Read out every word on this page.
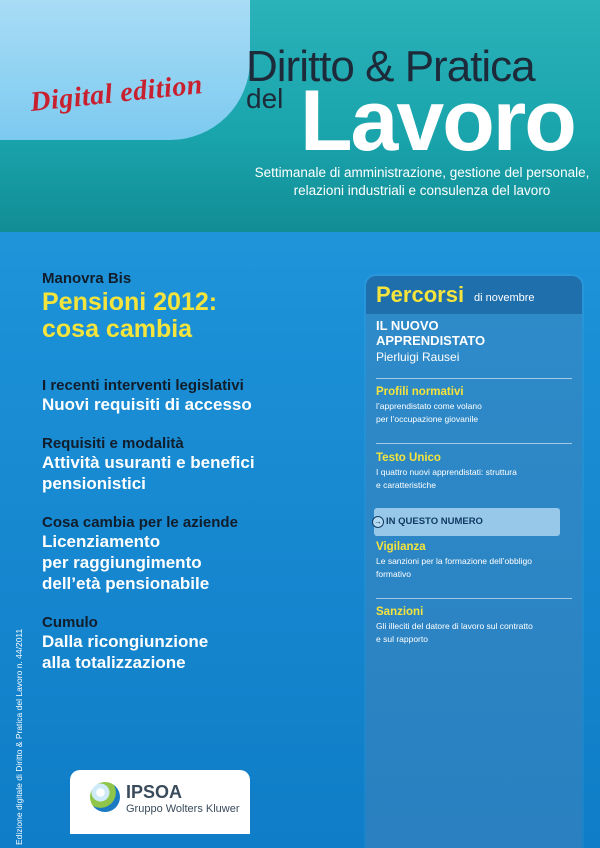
Digital edition
Diritto & Pratica
del Lavoro
Settimanale di amministrazione, gestione del personale,
relazioni industriali e consulenza del lavoro
Manovra Bis
Pensioni 2012:
cosa cambia
I recenti interventi legislativi
Nuovi requisiti di accesso
Requisiti e modalità
Attività usuranti e benefici
pensionistici
Cosa cambia per le aziende
Licenziamento
per raggiungimento
dell’età pensionabile
Cumulo
Dalla ricongiunzione
alla totalizzazione
Edizione digitale di Diritto & Pratica del Lavoro n. 44/2011
Percorsi di novembre
IL NUOVO
APPRENDISTATO
Pierluigi Rausei
Profili normativi
l’apprendistato come volano
per l’occupazione giovanile
Testo Unico
I quattro nuovi apprendistati: struttura
e caratteristiche
→ IN QUESTO NUMERO
Vigilanza
Le sanzioni per la formazione dell’obbligo
formativo
Sanzioni
Gli illeciti del datore di lavoro sul contratto
e sul rapporto
IPSOA
Gruppo Wolters Kluwer
